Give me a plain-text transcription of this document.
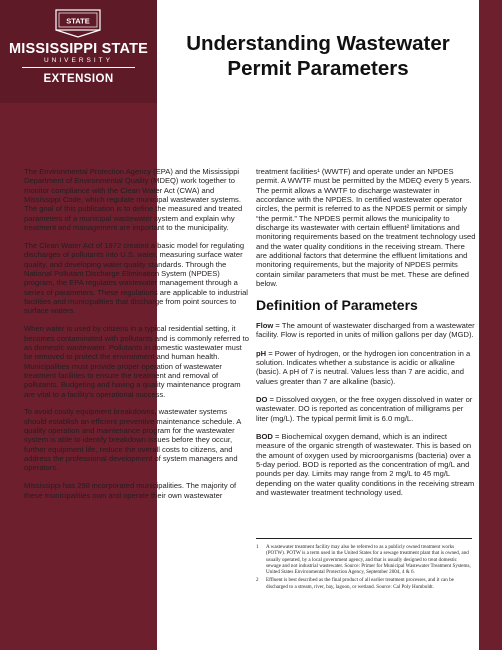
STATE
MISSISSIPPI STATE
UNIVERSITY
EXTENSION
Understanding Wastewater
Permit Parameters

The Environmental Protection Agency (EPA) and the Mississippi Department of Environmental Quality (MDEQ) work together to monitor compliance with the Clean Water Act (CWA) and Mississippi Code, which regulate municipal wastewater systems. The goal of this publication is to define the measured and treated parameters of a municipal wastewater system and explain why treatment and management are important to the municipality.

The Clean Water Act of 1972 created a basic model for regulating discharges of pollutants into U.S. water, measuring surface water quality, and developing water quality standards. Through the National Pollutant Discharge Elimination System (NPDES) program, the EPA regulates wastewater management through a series of parameters. These regulations are applicable to industrial facilities and municipalities that discharge from point sources to surface waters.

When water is used by citizens in a typical residential setting, it becomes contaminated with pollutants and is commonly referred to as domestic wastewater. Pollutants in domestic wastewater must be removed to protect the environment and human health. Municipalities must provide proper operation of wastewater treatment facilities to ensure the treatment and removal of pollutants. Budgeting and having a quality maintenance program are vital to a facility’s operational success.

To avoid costly equipment breakdowns, wastewater systems should establish an efficient preventive maintenance schedule. A quality operation and maintenance program for the wastewater system is able to identify breakdown issues before they occur, further equipment life, reduce the overall costs to citizens, and address the professional development of system managers and operators.

Mississippi has 298 incorporated municipalities. The majority of these municipalities own and operate their own wastewater

treatment facilities¹ (WWTF) and operate under an NPDES permit. A WWTF must be permitted by the MDEQ every 5 years. The permit allows a WWTF to discharge wastewater in accordance with the NPDES. In certified wastewater operator circles, the permit is referred to as the NPDES permit or simply “the permit.” The NPDES permit allows the municipality to discharge its wastewater with certain effluent² limitations and monitoring requirements based on the treatment technology used and the water quality conditions in the receiving stream. There are additional factors that determine the effluent limitations and monitoring requirements, but the majority of NPDES permits contain similar parameters that must be met. These are defined below.

Definition of Parameters

Flow = The amount of wastewater discharged from a wastewater facility. Flow is reported in units of million gallons per day (MGD).

pH = Power of hydrogen, or the hydrogen ion concentration in a solution. Indicates whether a substance is acidic or alkaline (basic). A pH of 7 is neutral. Values less than 7 are acidic, and values greater than 7 are alkaline (basic).

DO = Dissolved oxygen, or the free oxygen dissolved in water or wastewater. DO is reported as concentration of milligrams per liter (mg/L). The typical permit limit is 6.0 mg/L.

BOD = Biochemical oxygen demand, which is an indirect measure of the organic strength of wastewater. This is based on the amount of oxygen used by microorganisms (bacteria) over a 5-day period. BOD is reported as the concentration of mg/L and pounds per day. Limits may range from 2 mg/L to 45 mg/L depending on the water quality conditions in the receiving stream and wastewater treatment technology used.

1 A wastewater treatment facility may also be referred to as a publicly owned treatment works (POTW). POTW is a term used in the United States for a sewage treatment plant that is owned, and usually operated, by a local government agency, and that is usually designed to treat domestic sewage and not industrial wastewater. Source: Primer for Municipal Wastewater Treatment Systems, United States Environmental Protection Agency, September 2004, 4 & 6.
2 Effluent is best described as the final product of all earlier treatment processes, and it can be discharged to a stream, river, bay, lagoon, or wetland. Source: Cal Poly Humboldt.
